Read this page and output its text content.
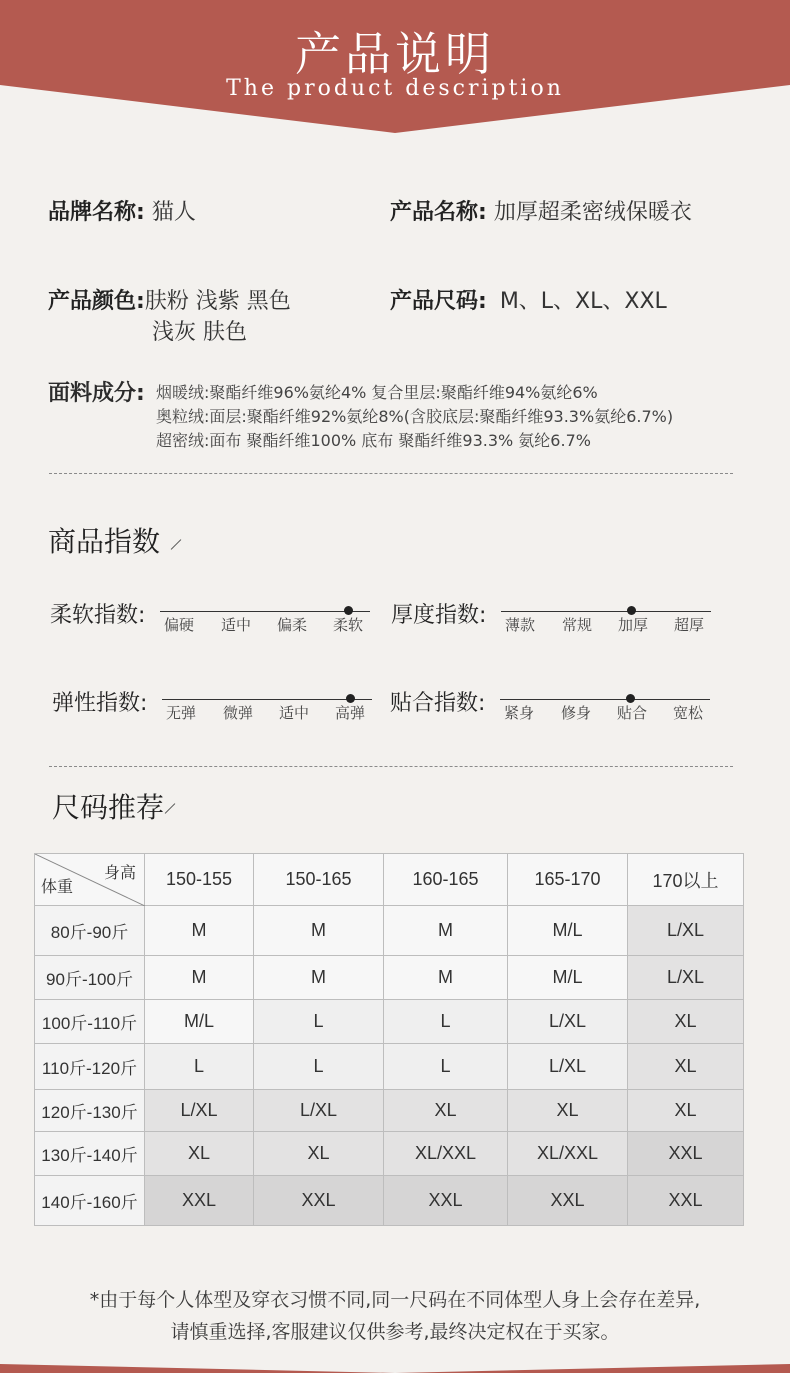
产品说明
The product description
品牌名称: 猫人	产品名称: 加厚超柔密绒保暖衣
产品颜色:肤粉 浅紫 黑色
浅灰 肤色
产品尺码: M、L、XL、XXL
面料成分: 烟暖绒:聚酯纤维96%氨纶4% 复合里层:聚酯纤维94%氨纶6%
奥粒绒:面层:聚酯纤维92%氨纶8%(含胶底层:聚酯纤维93.3%氨纶6.7%)
超密绒:面布 聚酯纤维100% 底布 聚酯纤维93.3% 氨纶6.7%
商品指数
柔软指数:	偏硬	适中	偏柔	柔软 厚度指数:	薄款	常规	加厚	超厚
弹性指数:	无弹	微弹	适中	高弹 贴合指数:	紧身	修身	贴合	宽松
尺码推荐
身高
体重	150-155	150-165	160-165	165-170	170以上
80斤-90斤	M	M	M	M/L	L/XL
90斤-100斤	M	M	M	M/L	L/XL
100斤-110斤	M/L	L	L	L/XL	XL
110斤-120斤	L	L	L	L/XL	XL
120斤-130斤	L/XL	L/XL	XL	XL	XL
130斤-140斤	XL	XL	XL/XXL	XL/XXL	XXL
140斤-160斤	XXL	XXL	XXL	XXL	XXL
*由于每个人体型及穿衣习惯不同,同一尺码在不同体型人身上会存在差异,
请慎重选择,客服建议仅供参考,最终决定权在于买家。
